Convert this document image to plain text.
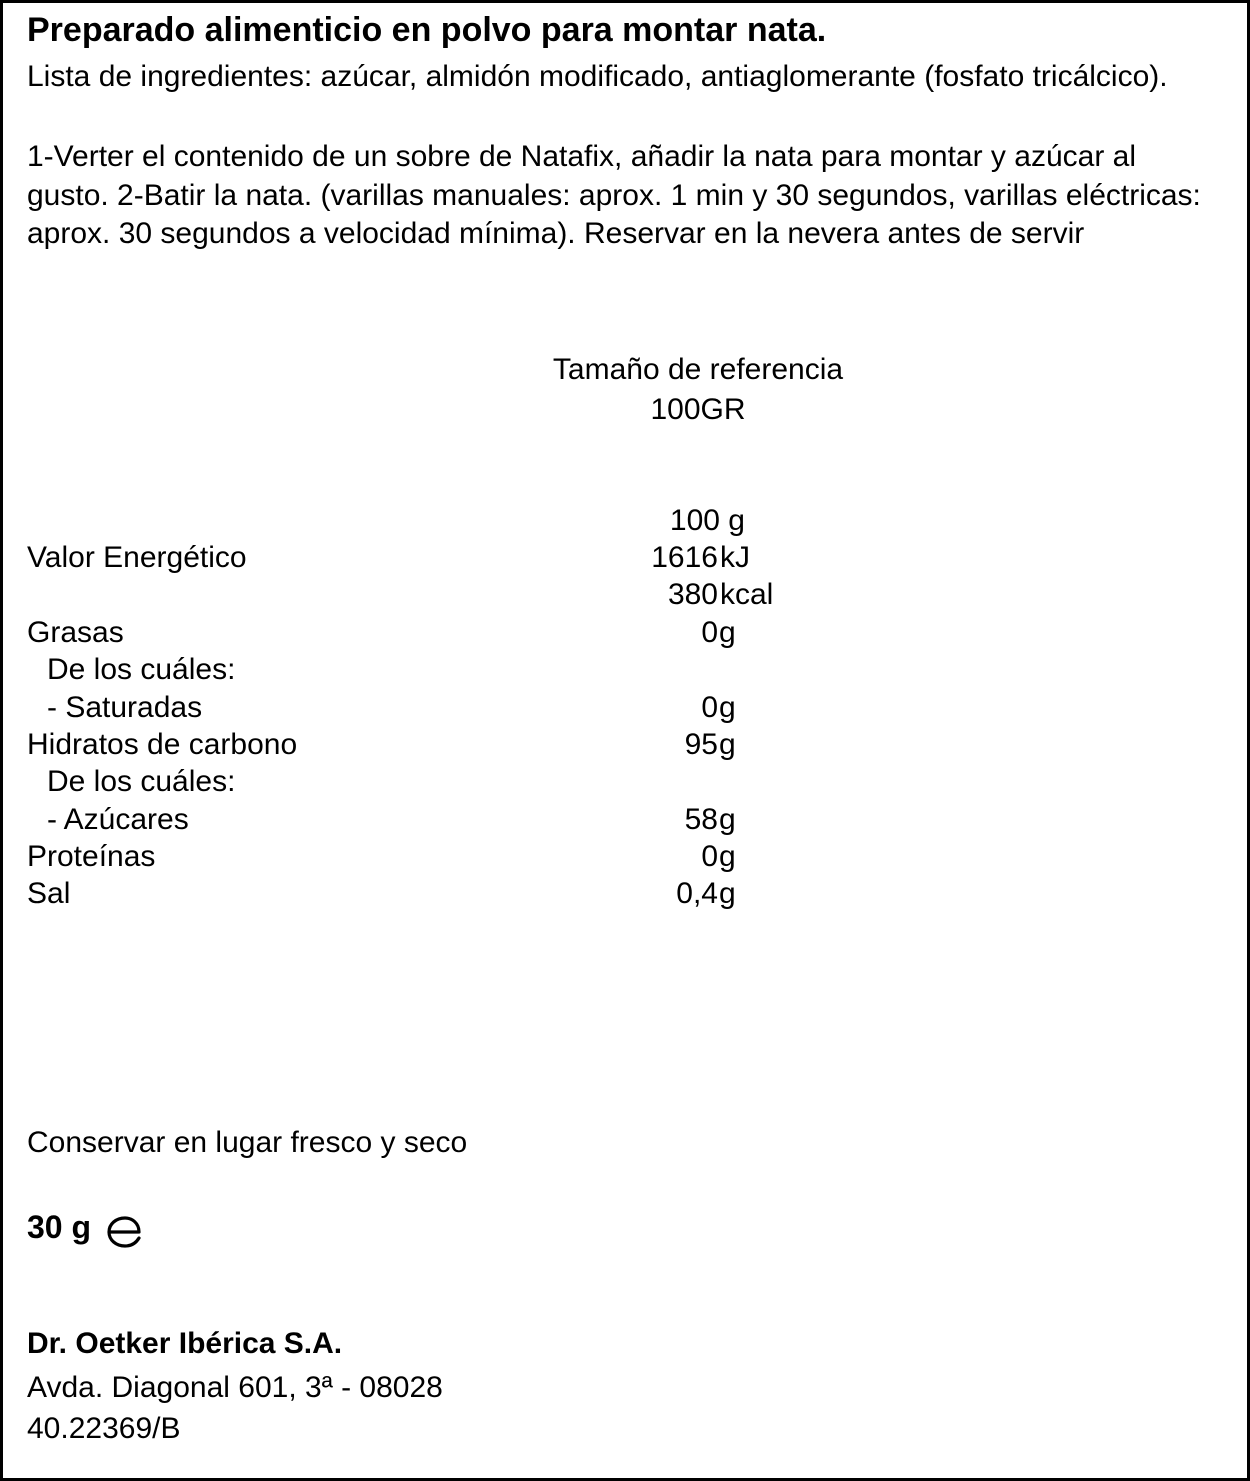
Preparado alimenticio en polvo para montar nata.
Lista de ingredientes: azúcar, almidón modificado, antiaglomerante (fosfato tricálcico).
1-Verter el contenido de un sobre de Natafix, añadir la nata para montar y azúcar al gusto. 2-Batir la nata. (varillas manuales: aprox. 1 min y 30 segundos, varillas eléctricas: aprox. 30 segundos a velocidad mínima). Reservar en la nevera antes de servir
Tamaño de referencia
100GR
100 g
Valor Energético	1616 kJ
380 kcal
Grasas	0 g
De los cuáles:
- Saturadas	0 g
Hidratos de carbono	95 g
De los cuáles:
- Azúcares	58 g
Proteínas	0 g
Sal	0,4 g
Conservar en lugar fresco y seco
30 g
Dr. Oetker Ibérica S.A.
Avda. Diagonal 601, 3ª - 08028
40.22369/B
